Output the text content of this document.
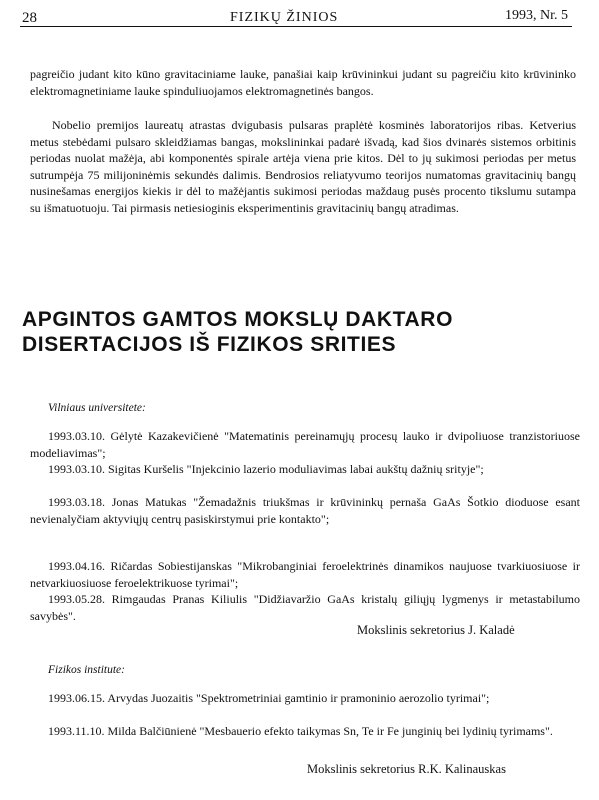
28	FIZIKŲ ŽINIOS	1993, Nr. 5

pagreičio judant kito kūno gravitaciniame lauke, panašiai kaip krūvininkui judant su pagreičiu kito krūvininko elektromagnetiniame lauke spinduliuojamos elektromagnetinės bangos.

Nobelio premijos laureatų atrastas dvigubasis pulsaras praplėtė kosminės laboratorijos ribas. Ketverius metus stebėdami pulsaro skleidžiamas bangas, mokslininkai padarė išvadą, kad šios dvinarės sistemos orbitinis periodas nuolat mažėja, abi komponentės spirale artėja viena prie kitos. Dėl to jų sukimosi periodas per metus sutrumpėja 75 milijoninėmis sekundės dalimis. Bendrosios reliatyvumo teorijos numatomas gravitacinių bangų nusinešamas energijos kiekis ir dėl to mažėjantis sukimosi periodas maždaug pusės procento tikslumu sutampa su išmatuotuoju. Tai pirmasis netiesioginis eksperimentinis gravitacinių bangų atradimas.

APGINTOS GAMTOS MOKSLŲ DAKTARO DISERTACIJOS IŠ FIZIKOS SRITIES
Vilniaus universitete:

1993.03.10. Gėlytė Kazakevičienė "Matematinis pereinamųjų procesų lauko ir dvipoliuose tranzistoriuose modeliavimas";

1993.03.10. Sigitas Kuršelis "Injekcinio lazerio moduliavimas labai aukštų dažnių srityje";

1993.03.18. Jonas Matukas "Žemadažnis triukšmas ir krūvininkų pernaša GaAs Šotkio dioduose esant nevienalyčiam aktyviųjų centrų pasiskirstymui prie kontakto";

1993.04.16. Ričardas Sobiestijanskas "Mikrobanginiai feroelektrinės dinamikos naujuose tvarkiuosiuose ir netvarkiuosiuose feroelektrikuose tyrimai";

1993.05.28. Rimgaudas Pranas Kiliulis "Didžiavaržio GaAs kristalų giliųjų lygmenys ir metastabilumo savybės".

Mokslinis sekretorius J. Kaladė
Fizikos institute:

1993.06.15. Arvydas Juozaitis "Spektrometriniai gamtinio ir pramoninio aerozolio tyrimai";

1993.11.10. Milda Balčiūnienė "Mesbauerio efekto taikymas Sn, Te ir Fe junginių bei lydinių tyrimams".

Mokslinis sekretorius R.K. Kalinauskas
